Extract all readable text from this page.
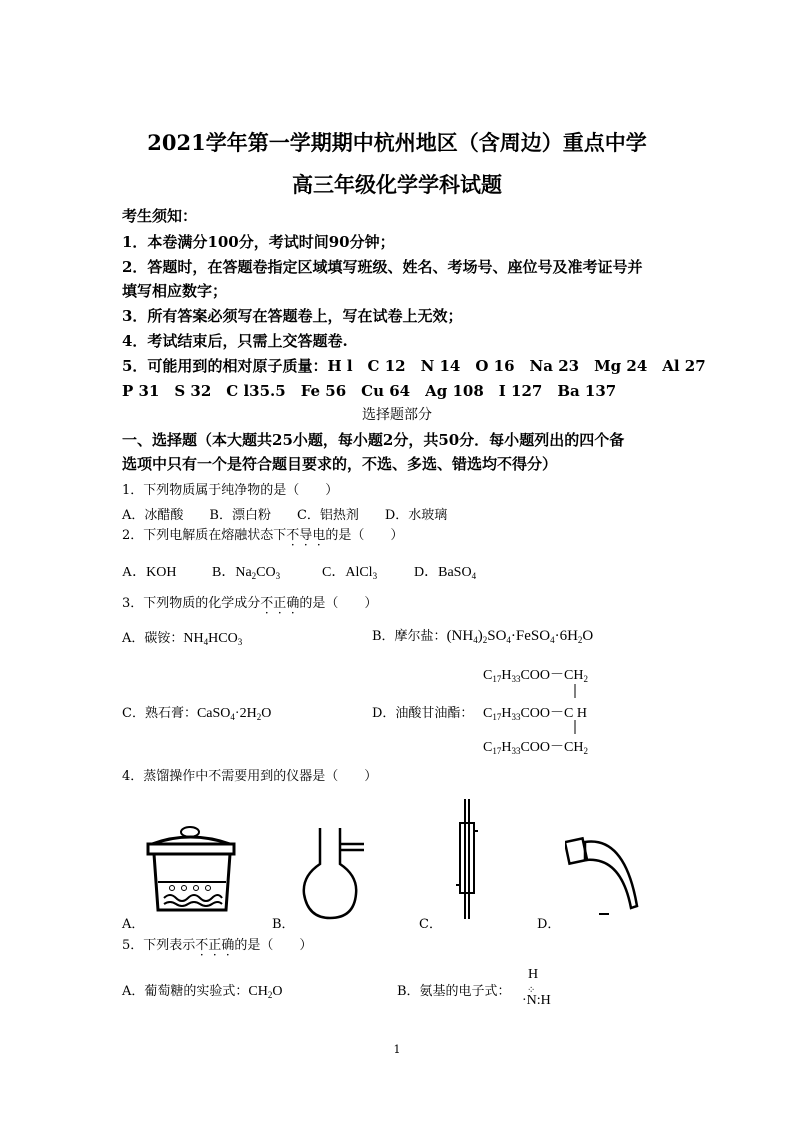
2021学年第一学期期中杭州地区（含周边）重点中学
高三年级化学学科试题
考生须知：
1．本卷满分100分，考试时间90分钟；
2．答题时，在答题卷指定区域填写班级、姓名、考场号、座位号及准考证号并
填写相应数字；
3．所有答案必须写在答题卷上，写在试卷上无效；
4．考试结束后，只需上交答题卷.
5．可能用到的相对原子质量：H l　C 12　N 14　O 16　Na 23　Mg 24　Al 27
P 31　S 32　C l35.5　Fe 56　Cu 64　Ag 108　I 127　Ba 137
选择题部分
一、选择题（本大题共25小题，每小题2分，共50分．每小题列出的四个备
选项中只有一个是符合题目要求的，不选、多选、错选均不得分）
1．下列物质属于纯净物的是（　　）
A．冰醋酸　　B．漂白粉　　C．铝热剂　　D．水玻璃
2．下列电解质在熔融状态下不导电的是（　　）
A．KOH	B．$Na_2CO_3$	C．AlCl$_3$	D．BaSO$_4$
3．下列物质的化学成分不正确的是（　　）
A．碳铵：$NH_4HCO_3$	B．摩尔盐：$(NH_4)_2SO_4\cdot FeSO_4\cdot 6H_2O$
C．熟石膏：$CaSO_4\cdot 2H_2O$	D．油酸甘油酯：
$C_{17}H_{33}COO-CH_2$
$C_{17}H_{33}COO-C$ H
$C_{17}H_{33}COO-CH_2$
4．蒸馏操作中不需要用到的仪器是（　　）
A．	B．	C．	D．
5．下列表示不正确的是（　　）
A．葡萄糖的实验式：$CH_2O$	B．氨基的电子式：
H
⁘
·N:H
1
